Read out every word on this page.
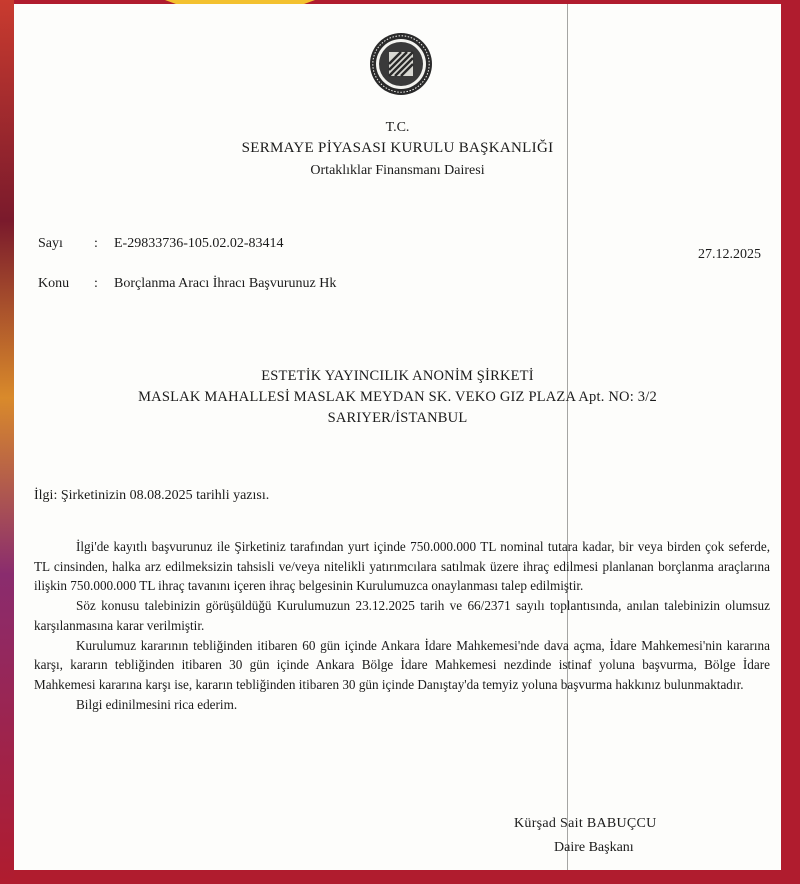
T.C.
SERMAYE PİYASASI KURULU BAŞKANLIĞI
Ortaklıklar Finansmanı Dairesi
Sayı : E-29833736-105.02.02-83414
27.12.2025
Konu : Borçlanma Aracı İhracı Başvurunuz Hk
ESTETİK YAYINCILIK ANONİM ŞİRKETİ
MASLAK MAHALLESİ MASLAK MEYDAN SK. VEKO GIZ PLAZA Apt. NO: 3/2
SARIYER/İSTANBUL
İlgi: Şirketinizin 08.08.2025 tarihli yazısı.

İlgi'de kayıtlı başvurunuz ile Şirketiniz tarafından yurt içinde 750.000.000 TL nominal tutara kadar, bir veya birden çok seferde, TL cinsinden, halka arz edilmeksizin tahsisli ve/veya nitelikli yatırımcılara satılmak üzere ihraç edilmesi planlanan borçlanma araçlarına ilişkin 750.000.000 TL ihraç tavanını içeren ihraç belgesinin Kurulumuzca onaylanması talep edilmiştir.

Söz konusu talebinizin görüşüldüğü Kurulumuzun 23.12.2025 tarih ve 66/2371 sayılı toplantısında, anılan talebinizin olumsuz karşılanmasına karar verilmiştir.

Kurulumuz kararının tebliğinden itibaren 60 gün içinde Ankara İdare Mahkemesi'nde dava açma, İdare Mahkemesi'nin kararına karşı, kararın tebliğinden itibaren 30 gün içinde Ankara Bölge İdare Mahkemesi nezdinde istinaf yoluna başvurma, Bölge İdare Mahkemesi kararına karşı ise, kararın tebliğinden itibaren 30 gün içinde Danıştay'da temyiz yoluna başvurma hakkınız bulunmaktadır.

Bilgi edinilmesini rica ederim.

Kürşad Sait BABUÇCU
Daire Başkanı
